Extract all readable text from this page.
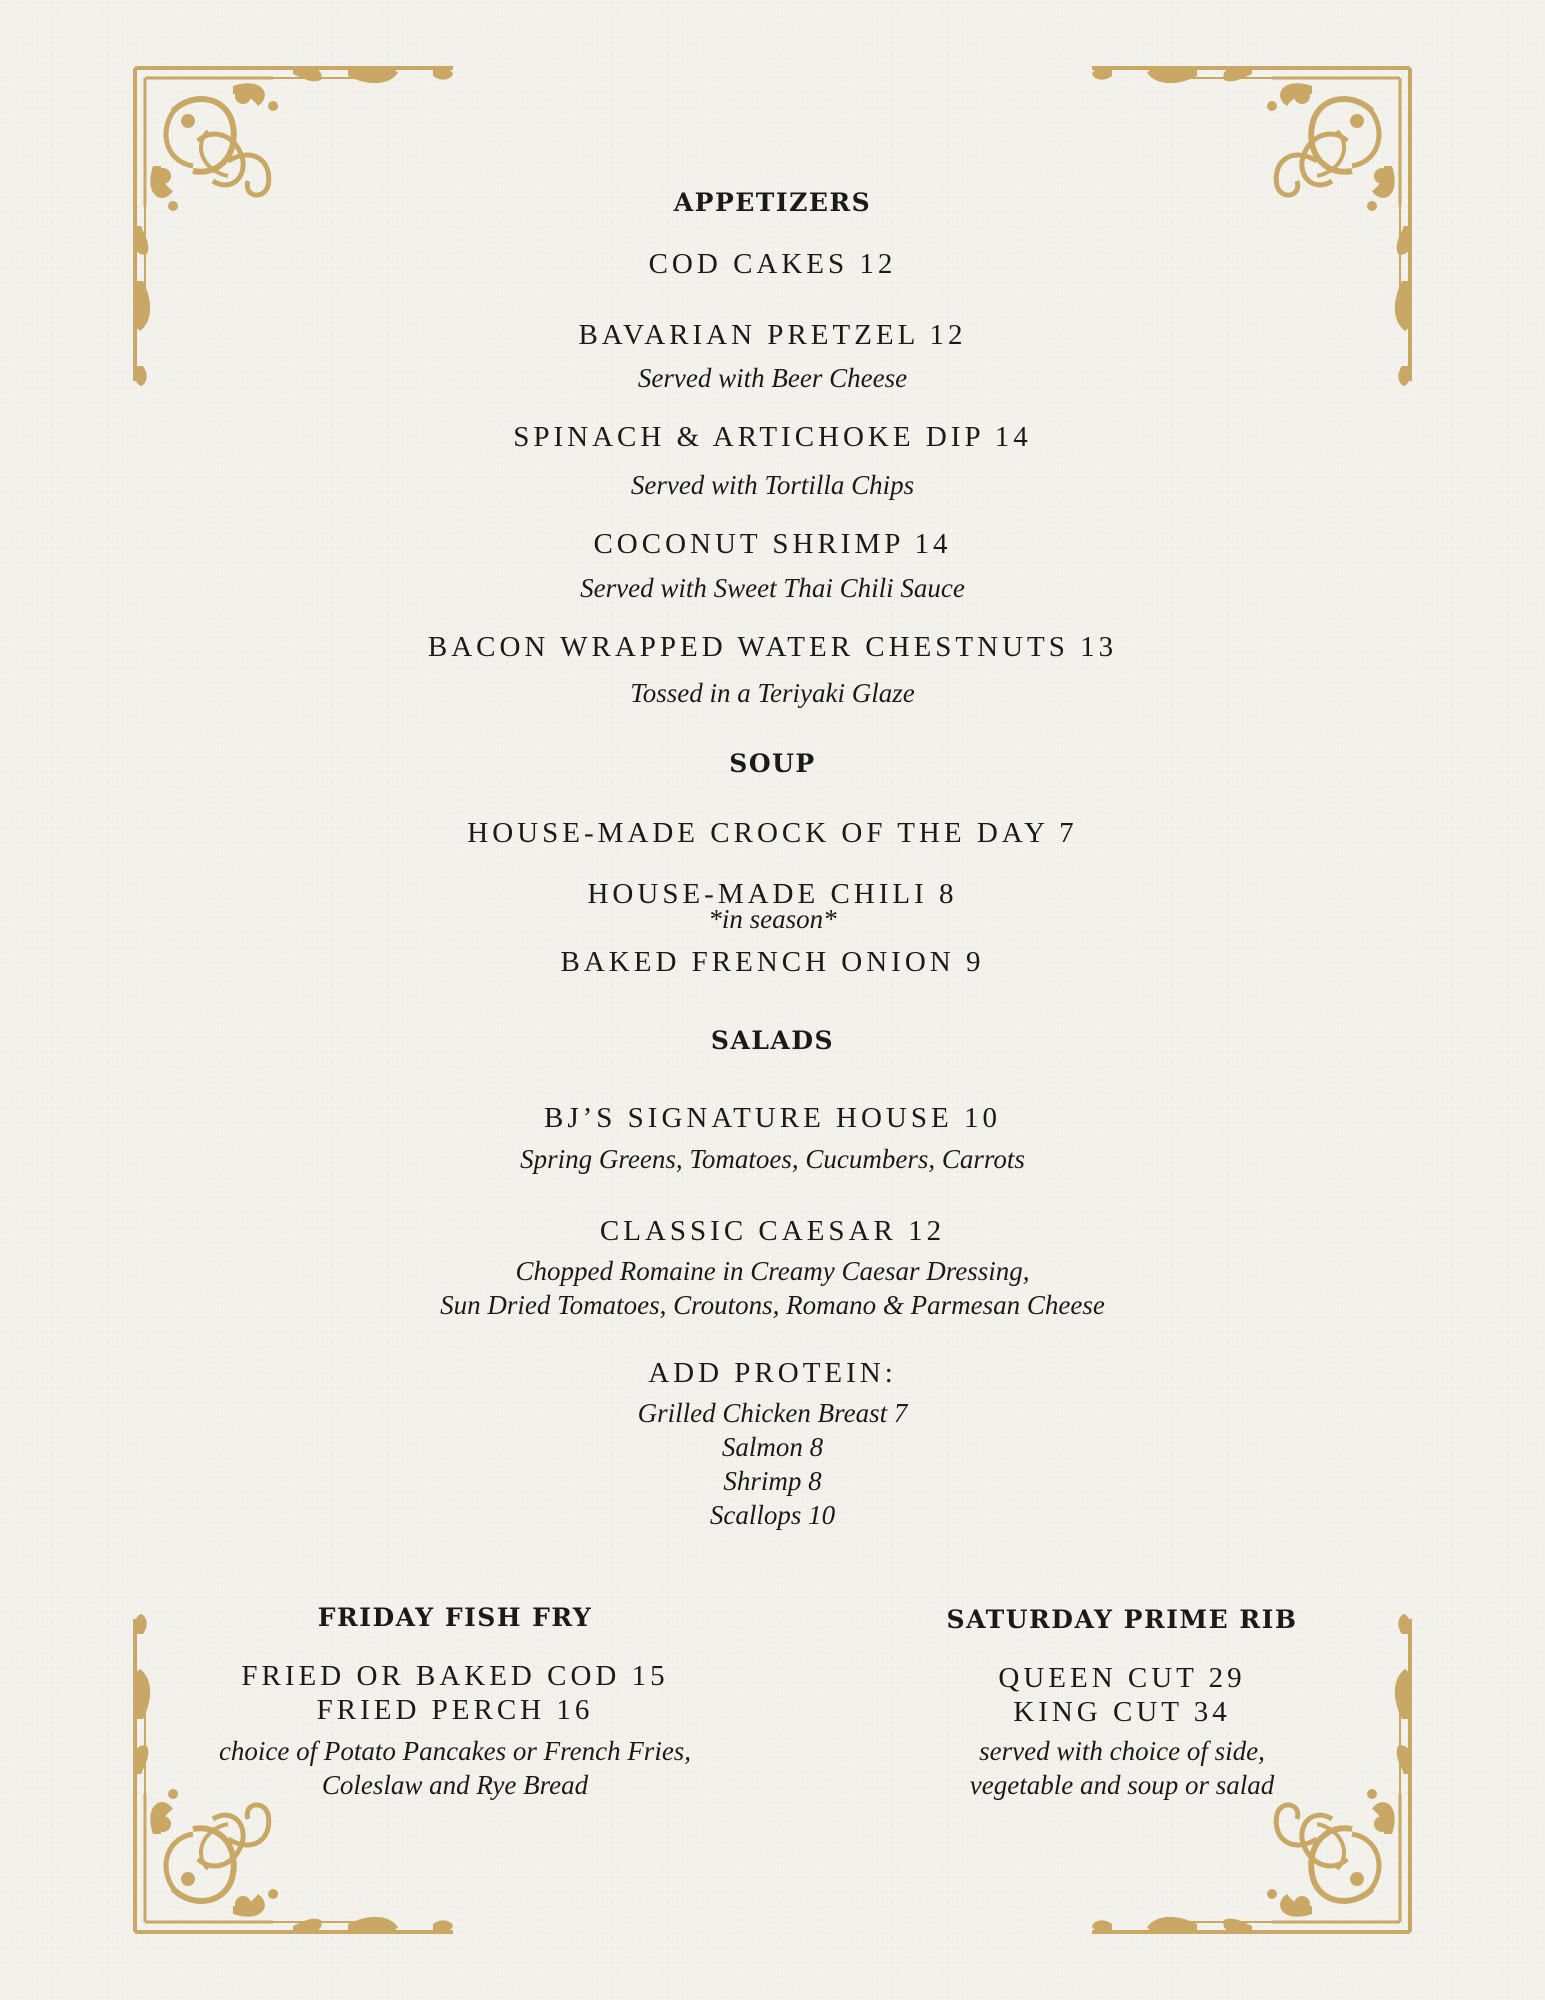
APPETIZERS
COD CAKES 12
BAVARIAN PRETZEL 12
Served with Beer Cheese
SPINACH & ARTICHOKE DIP 14
Served with Tortilla Chips
COCONUT SHRIMP 14
Served with Sweet Thai Chili Sauce
BACON WRAPPED WATER CHESTNUTS 13
Tossed in a Teriyaki Glaze
SOUP
HOUSE-MADE CROCK OF THE DAY 7
HOUSE-MADE CHILI 8
*in season*
BAKED FRENCH ONION 9
SALADS
BJ’S SIGNATURE HOUSE 10
Spring Greens, Tomatoes, Cucumbers, Carrots
CLASSIC CAESAR 12
Chopped Romaine in Creamy Caesar Dressing,
Sun Dried Tomatoes, Croutons, Romano & Parmesan Cheese
ADD PROTEIN:
Grilled Chicken Breast 7
Salmon 8
Shrimp 8
Scallops 10
FRIDAY FISH FRY
FRIED OR BAKED COD 15
FRIED PERCH 16
choice of Potato Pancakes or French Fries,
Coleslaw and Rye Bread
SATURDAY PRIME RIB
QUEEN CUT 29
KING CUT 34
served with choice of side,
vegetable and soup or salad
